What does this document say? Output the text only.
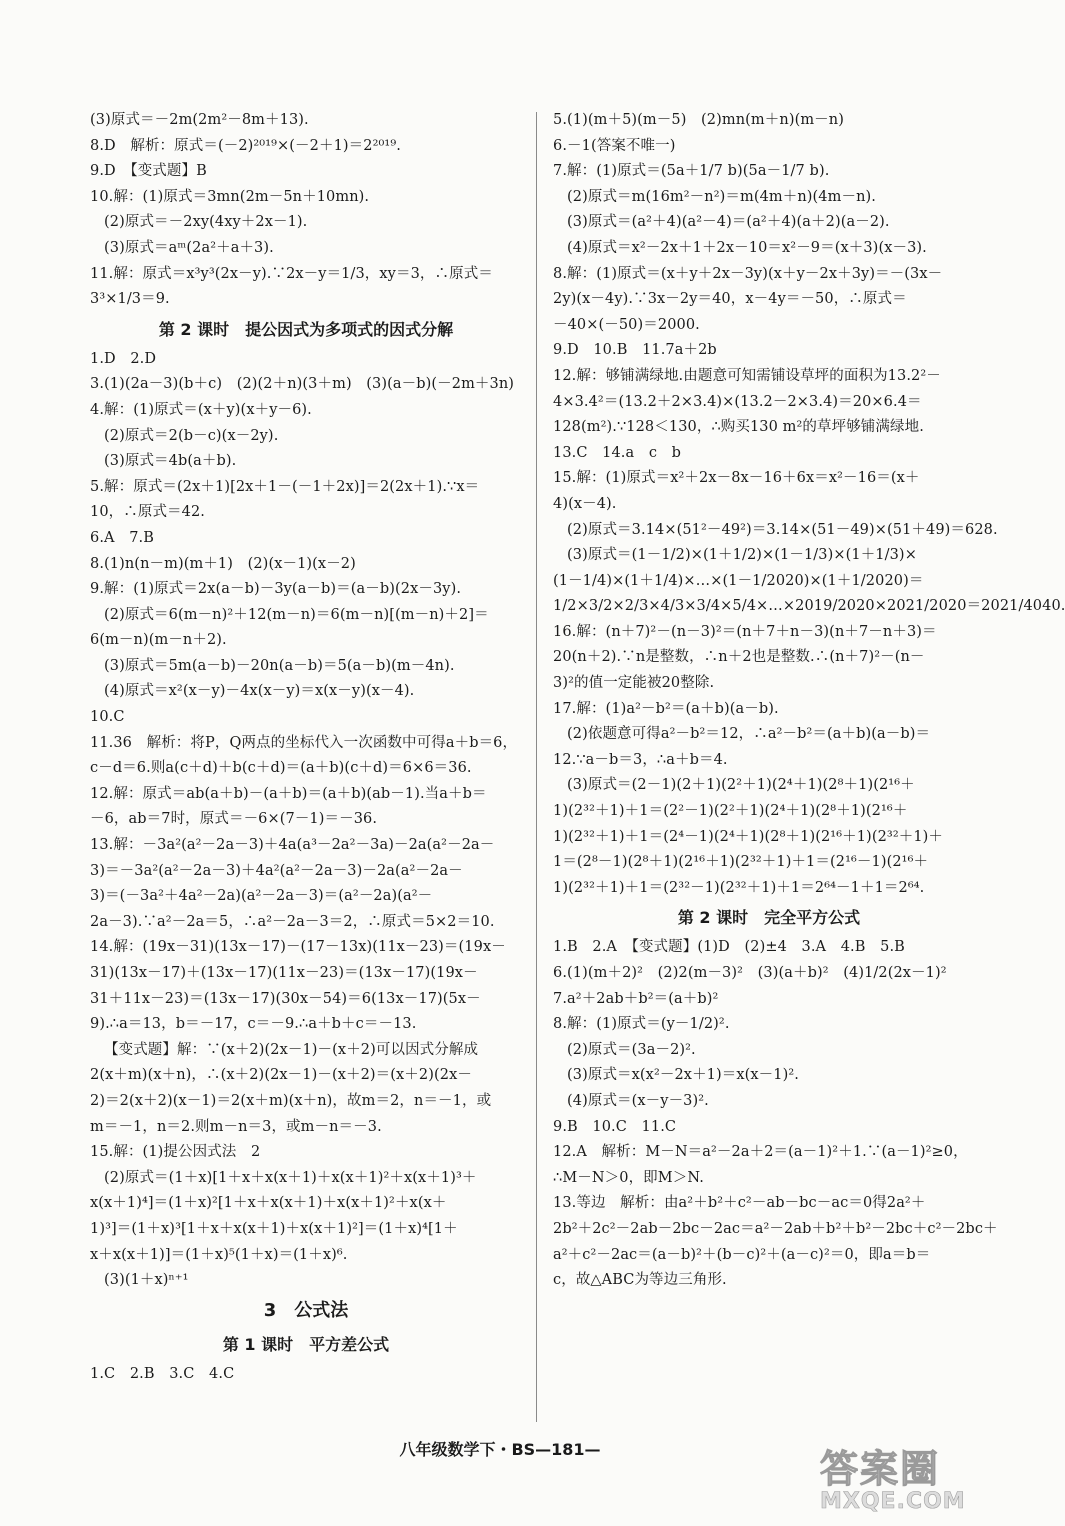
(3)原式＝－2m(2m²－8m＋13).
8.D　解析：原式＝(－2)²⁰¹⁹×(－2＋1)＝2²⁰¹⁹.
9.D　【变式题】B
10.解：(1)原式＝3mn(2m－5n＋10mn).
(2)原式＝－2xy(4xy＋2x－1).
(3)原式＝aᵐ(2a²＋a＋3).
11.解：原式＝x³y³(2x－y).∵2x－y＝1/3，xy＝3，∴原式＝
3³×1/3＝9.
第 2 课时　提公因式为多项式的因式分解
1.D　2.D
3.(1)(2a－3)(b＋c)　(2)(2＋n)(3＋m)　(3)(a－b)(－2m＋3n)
4.解：(1)原式＝(x＋y)(x＋y－6).
(2)原式＝2(b－c)(x－2y).
(3)原式＝4b(a＋b).
5.解：原式＝(2x＋1)[2x＋1－(－1＋2x)]＝2(2x＋1).∵x＝
10，∴原式＝42.
6.A　7.B
8.(1)n(n－m)(m＋1)　(2)(x－1)(x－2)
9.解：(1)原式＝2x(a－b)－3y(a－b)＝(a－b)(2x－3y).
(2)原式＝6(m－n)²＋12(m－n)＝6(m－n)[(m－n)＋2]＝
6(m－n)(m－n＋2).
(3)原式＝5m(a－b)－20n(a－b)＝5(a－b)(m－4n).
(4)原式＝x²(x－y)－4x(x－y)＝x(x－y)(x－4).
10.C
11.36　解析：将P，Q两点的坐标代入一次函数中可得a＋b＝6，
c－d＝6.则a(c＋d)＋b(c＋d)＝(a＋b)(c＋d)＝6×6＝36.
12.解：原式＝ab(a＋b)－(a＋b)＝(a＋b)(ab－1).当a＋b＝
－6，ab＝7时，原式＝－6×(7－1)＝－36.
13.解：－3a²(a²－2a－3)＋4a(a³－2a²－3a)－2a(a²－2a－
3)＝－3a²(a²－2a－3)＋4a²(a²－2a－3)－2a(a²－2a－
3)＝(－3a²＋4a²－2a)(a²－2a－3)＝(a²－2a)(a²－
2a－3).∵a²－2a＝5，∴a²－2a－3＝2，∴原式＝5×2＝10.
14.解：(19x－31)(13x－17)－(17－13x)(11x－23)＝(19x－
31)(13x－17)＋(13x－17)(11x－23)＝(13x－17)(19x－
31＋11x－23)＝(13x－17)(30x－54)＝6(13x－17)(5x－
9).∴a＝13，b＝－17，c＝－9.∴a＋b＋c＝－13.
【变式题】解：∵(x＋2)(2x－1)－(x＋2)可以因式分解成
2(x＋m)(x＋n)，∴(x＋2)(2x－1)－(x＋2)＝(x＋2)(2x－
2)＝2(x＋2)(x－1)＝2(x＋m)(x＋n)，故m＝2，n＝－1，或
m＝－1，n＝2.则m－n＝3，或m－n＝－3.
15.解：(1)提公因式法　2
(2)原式＝(1＋x)[1＋x＋x(x＋1)＋x(x＋1)²＋x(x＋1)³＋
x(x＋1)⁴]＝(1＋x)²[1＋x＋x(x＋1)＋x(x＋1)²＋x(x＋
1)³]＝(1＋x)³[1＋x＋x(x＋1)＋x(x＋1)²]＝(1＋x)⁴[1＋
x＋x(x＋1)]＝(1＋x)⁵(1＋x)＝(1＋x)⁶.
(3)(1＋x)ⁿ⁺¹
3　公式法
第 1 课时　平方差公式
1.C　2.B　3.C　4.C
5.(1)(m＋5)(m－5)　(2)mn(m＋n)(m－n)
6.－1(答案不唯一)
7.解：(1)原式＝(5a＋1/7 b)(5a－1/7 b).
(2)原式＝m(16m²－n²)＝m(4m＋n)(4m－n).
(3)原式＝(a²＋4)(a²－4)＝(a²＋4)(a＋2)(a－2).
(4)原式＝x²－2x＋1＋2x－10＝x²－9＝(x＋3)(x－3).
8.解：(1)原式＝(x＋y＋2x－3y)(x＋y－2x＋3y)＝－(3x－
2y)(x－4y).∵3x－2y＝40，x－4y＝－50，∴原式＝
－40×(－50)＝2000.
9.D　10.B　11.7a＋2b
12.解：够铺满绿地.由题意可知需铺设草坪的面积为13.2²－
4×3.4²＝(13.2＋2×3.4)×(13.2－2×3.4)＝20×6.4＝
128(m²).∵128＜130，∴购买130 m²的草坪够铺满绿地.
13.C　14.a　c　b
15.解：(1)原式＝x²＋2x－8x－16＋6x＝x²－16＝(x＋
4)(x－4).
(2)原式＝3.14×(51²－49²)＝3.14×(51－49)×(51＋49)＝628.
(3)原式＝(1－1/2)×(1＋1/2)×(1－1/3)×(1＋1/3)×
(1－1/4)×(1＋1/4)×…×(1－1/2020)×(1＋1/2020)＝
1/2×3/2×2/3×4/3×3/4×5/4×…×2019/2020×2021/2020＝2021/4040.
16.解：(n＋7)²－(n－3)²＝(n＋7＋n－3)(n＋7－n＋3)＝
20(n＋2).∵n是整数，∴n＋2也是整数.∴(n＋7)²－(n－
3)²的值一定能被20整除.
17.解：(1)a²－b²＝(a＋b)(a－b).
(2)依题意可得a²－b²＝12，∴a²－b²＝(a＋b)(a－b)＝
12.∵a－b＝3，∴a＋b＝4.
(3)原式＝(2－1)(2＋1)(2²＋1)(2⁴＋1)(2⁸＋1)(2¹⁶＋
1)(2³²＋1)＋1＝(2²－1)(2²＋1)(2⁴＋1)(2⁸＋1)(2¹⁶＋
1)(2³²＋1)＋1＝(2⁴－1)(2⁴＋1)(2⁸＋1)(2¹⁶＋1)(2³²＋1)＋
1＝(2⁸－1)(2⁸＋1)(2¹⁶＋1)(2³²＋1)＋1＝(2¹⁶－1)(2¹⁶＋
1)(2³²＋1)＋1＝(2³²－1)(2³²＋1)＋1＝2⁶⁴－1＋1＝2⁶⁴.
第 2 课时　完全平方公式
1.B　2.A　【变式题】(1)D　(2)±4　3.A　4.B　5.B
6.(1)(m＋2)²　(2)2(m－3)²　(3)(a＋b)²　(4)1/2(2x－1)²
7.a²＋2ab＋b²＝(a＋b)²
8.解：(1)原式＝(y－1/2)².
(2)原式＝(3a－2)².
(3)原式＝x(x²－2x＋1)＝x(x－1)².
(4)原式＝(x－y－3)².
9.B　10.C　11.C
12.A　解析：M－N＝a²－2a＋2＝(a－1)²＋1.∵(a－1)²≥0，
∴M－N＞0，即M＞N.
13.等边　解析：由a²＋b²＋c²－ab－bc－ac＝0得2a²＋
2b²＋2c²－2ab－2bc－2ac＝a²－2ab＋b²＋b²－2bc＋c²－2bc＋
a²＋c²－2ac＝(a－b)²＋(b－c)²＋(a－c)²＝0，即a＝b＝
c，故△ABC为等边三角形.
八年级数学下・BS—181—	答案圈
MXQE.COM
